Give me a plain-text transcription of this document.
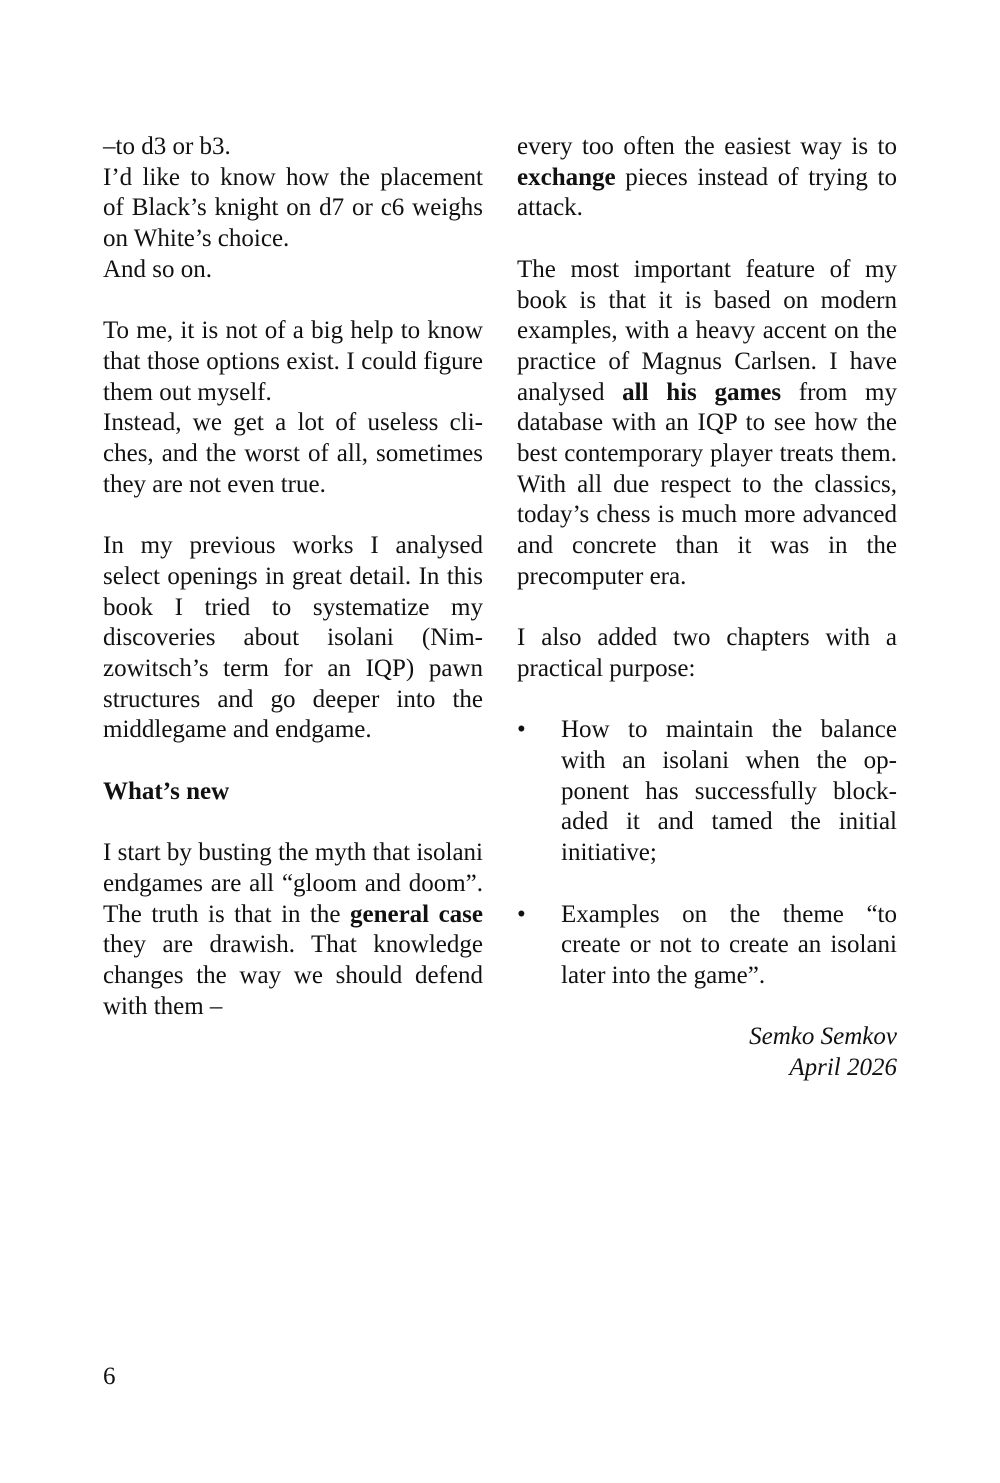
–to d3 or b3.

I’d like to know how the placement of Black’s knight on d7 or c6 weighs on White’s choice.

And so on.

To me, it is not of a big help to know that those options exist. I could figure them out myself.

Instead, we get a lot of useless cliches, and the worst of all, sometimes they are not even true.

In my previous works I analysed select openings in great detail. In this book I tried to systematize my discoveries about isolani (Nimzowitsch’s term for an IQP) pawn structures and go deeper into the middlegame and endgame.

What’s new

I start by busting the myth that isolani endgames are all “gloom and doom”. The truth is that in the general case they are drawish. That knowledge changes the way we should defend with them –

every too often the easiest way is to exchange pieces instead of trying to attack.

The most important feature of my book is that it is based on modern examples, with a heavy accent on the practice of Magnus Carlsen. I have analysed all his games from my database with an IQP to see how the best contemporary player treats them. With all due respect to the classics, today’s chess is much more advanced and concrete than it was in the precomputer era.

I also added two chapters with a practical purpose:

• How to maintain the balance with an isolani when the opponent has successfully blockaded it and tamed the initial initiative;
• Examples on the theme “to create or not to create an isolani later into the game”.
Semko Semkov
April 2026
6
